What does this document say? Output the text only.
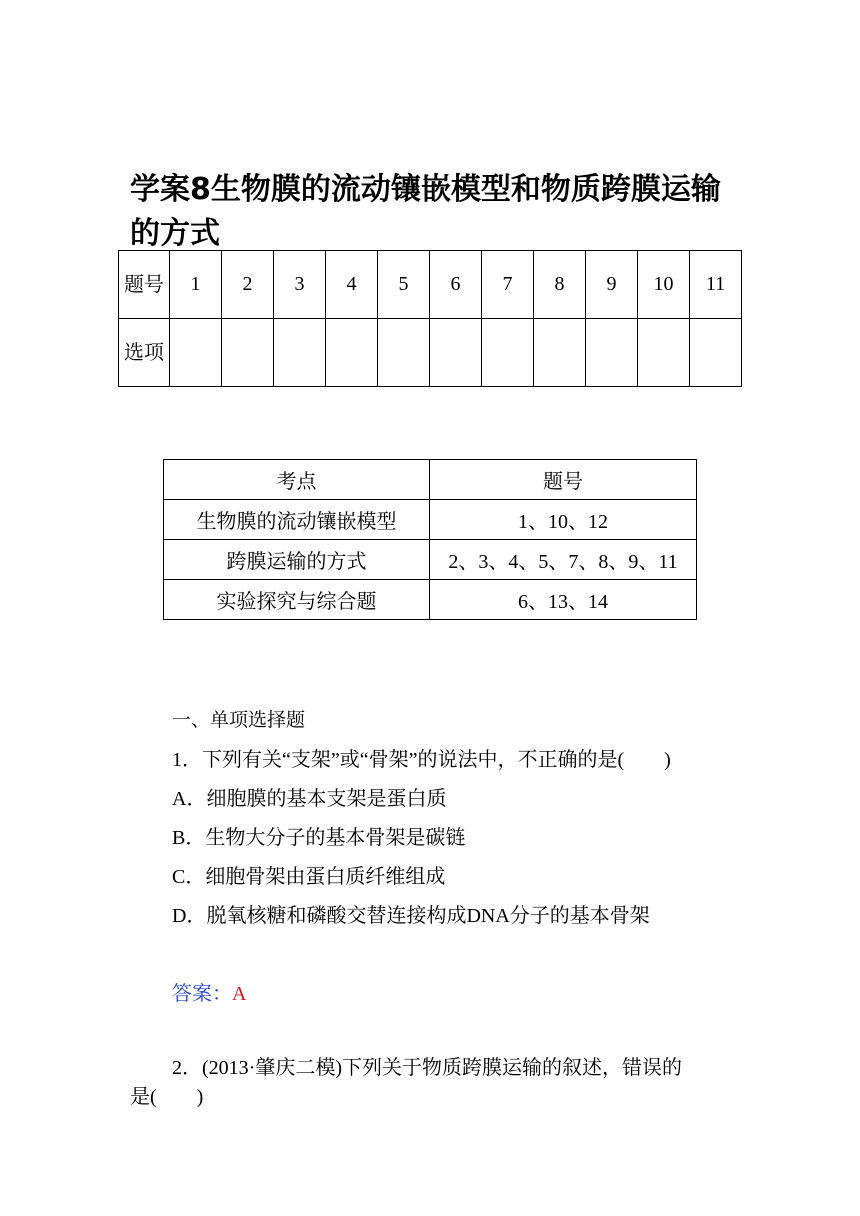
学案8生物膜的流动镶嵌模型和物质跨膜运输的方式
题号	1	2	3	4	5	6	7	8	9	10	11
选项											
考点	题号
生物膜的流动镶嵌模型	1、10、12
跨膜运输的方式	2、3、4、5、7、8、9、11
实验探究与综合题	6、13、14
一、单项选择题
1．下列有关“支架”或“骨架”的说法中，不正确的是(　　)
A．细胞膜的基本支架是蛋白质
B．生物大分子的基本骨架是碳链
C．细胞骨架由蛋白质纤维组成
D．脱氧核糖和磷酸交替连接构成DNA分子的基本骨架
答案：A
2．(2013·肇庆二模)下列关于物质跨膜运输的叙述，错误的
是(　　)
